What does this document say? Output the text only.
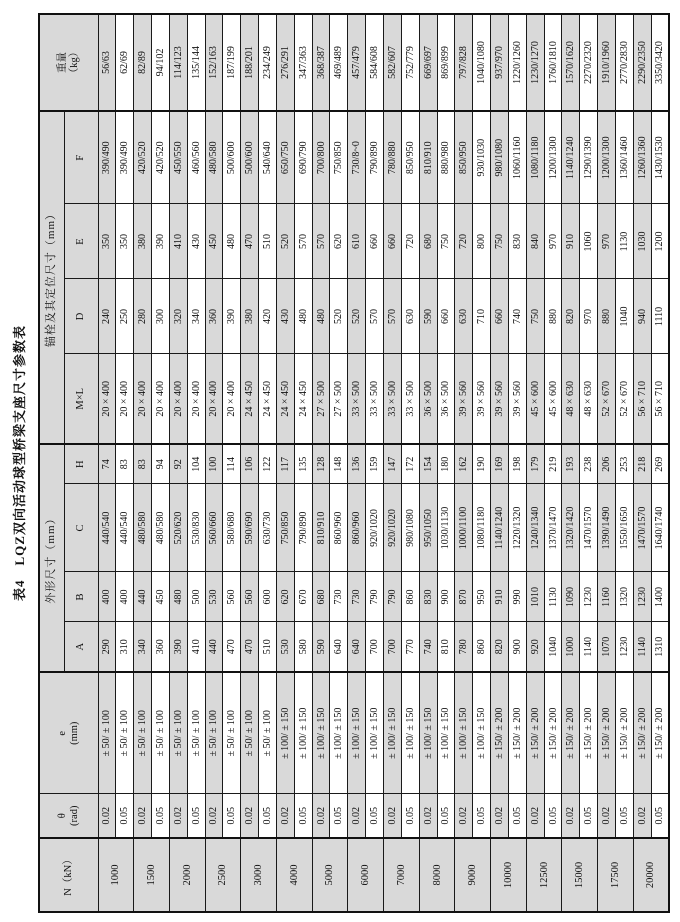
表4　LQZ双向活动球型桥梁支座尺寸参数表
N（kN）	θ (rad)	e (mm)	外形尺寸（mm）				锚栓及其定位尺寸（mm）				重量 （kg）

			A	B	C	H	M×L	D	E	F	
1000	0.02	± 50/ ± 100	290	400	440/540	74	20 × 400	240	350	390/490	56/63
	0.05	± 50/ ± 100	310	400	440/540	83	20 × 400	250	350	390/490	62/69
1500	0.02	± 50/ ± 100	340	440	480/580	83	20 × 400	280	380	420/520	82/89
	0.05	± 50/ ± 100	360	450	480/580	94	20 × 400	300	390	420/520	94/102
2000	0.02	± 50/ ± 100	390	480	520/620	92	20 × 400	320	410	450/550	114/123
	0.05	± 50/ ± 100	410	500	530/830	104	20 × 400	340	430	460/560	135/144
2500	0.02	± 50/ ± 100	440	530	560/660	100	20 × 400	360	450	480/580	152/163
	0.05	± 50/ ± 100	470	560	580/680	114	20 × 400	390	480	500/600	187/199
3000	0.02	± 50/ ± 100	470	560	590/690	106	24 × 450	380	470	500/600	188/201
	0.05	± 50/ ± 100	510	600	630/730	122	24 × 450	420	510	540/640	234/249
4000	0.02	± 100/ ± 150	530	620	750/850	117	24 × 450	430	520	650/750	276/291
	0.05	± 100/ ± 150	580	670	790/890	135	24 × 450	480	570	690/790	347/363
5000	0.02	± 100/ ± 150	590	680	810/910	128	27 × 500	480	570	700/800	368/387
	0.05	± 100/ ± 150	640	730	860/960	148	27 × 500	520	620	750/850	469/489
6000	0.02	± 100/ ± 150	640	730	860/960	136	33 × 500	520	610	730/8~0	457/479
	0.05	± 100/ ± 150	700	790	920/1020	159	33 × 500	570	660	790/890	584/608
7000	0.02	± 100/ ± 150	700	790	920/1020	147	33 × 500	570	660	780/880	582/607
	0.05	± 100/ ± 150	770	860	980/1080	172	33 × 500	630	720	850/950	752/779
8000	0.02	± 100/ ± 150	740	830	950/1050	154	36 × 500	590	680	810/910	669/697
	0.05	± 100/ ± 150	810	900	1030/1130	180	36 × 500	660	750	880/980	869/899
9000	0.02	± 100/ ± 150	780	870	1000/1100	162	39 × 560	630	720	850/950	797/828
	0.05	± 100/ ± 150	860	950	1080/1180	190	39 × 560	710	800	930/1030	1040/1080
10000	0.02	± 150/ ± 200	820	910	1140/1240	169	39 × 560	660	750	980/1080	937/970
	0.05	± 150/ ± 200	900	990	1220/1320	198	39 × 560	740	830	1060/1160	1220/1260
12500	0.02	± 150/ ± 200	920	1010	1240/1340	179	45 × 600	750	840	1080/1180	1230/1270
	0.05	± 150/ ± 200	1040	1130	1370/1470	219	45 × 600	880	970	1200/1300	1760/1810
15000	0.02	± 150/ ± 200	1000	1090	1320/1420	193	48 × 630	820	910	1140/1240	1570/1620
	0.05	± 150/ ± 200	1140	1230	1470/1570	238	48 × 630	970	1060	1290/1390	2270/2320
17500	0.02	± 150/ ± 200	1070	1160	1390/1490	206	52 × 670	880	970	1200/1300	1910/1960
	0.05	± 150/ ± 200	1230	1320	1550/1650	253	52 × 670	1040	1130	1360/1460	2770/2830
20000	0.02	± 150/ ± 200	1140	1230	1470/1570	218	56 × 710	940	1030	1260/1360	2290/2350
	0.05	± 150/ ± 200	1310	1400	1640/1740	269	56 × 710	1110	1200	1430/1530	3350/3420
